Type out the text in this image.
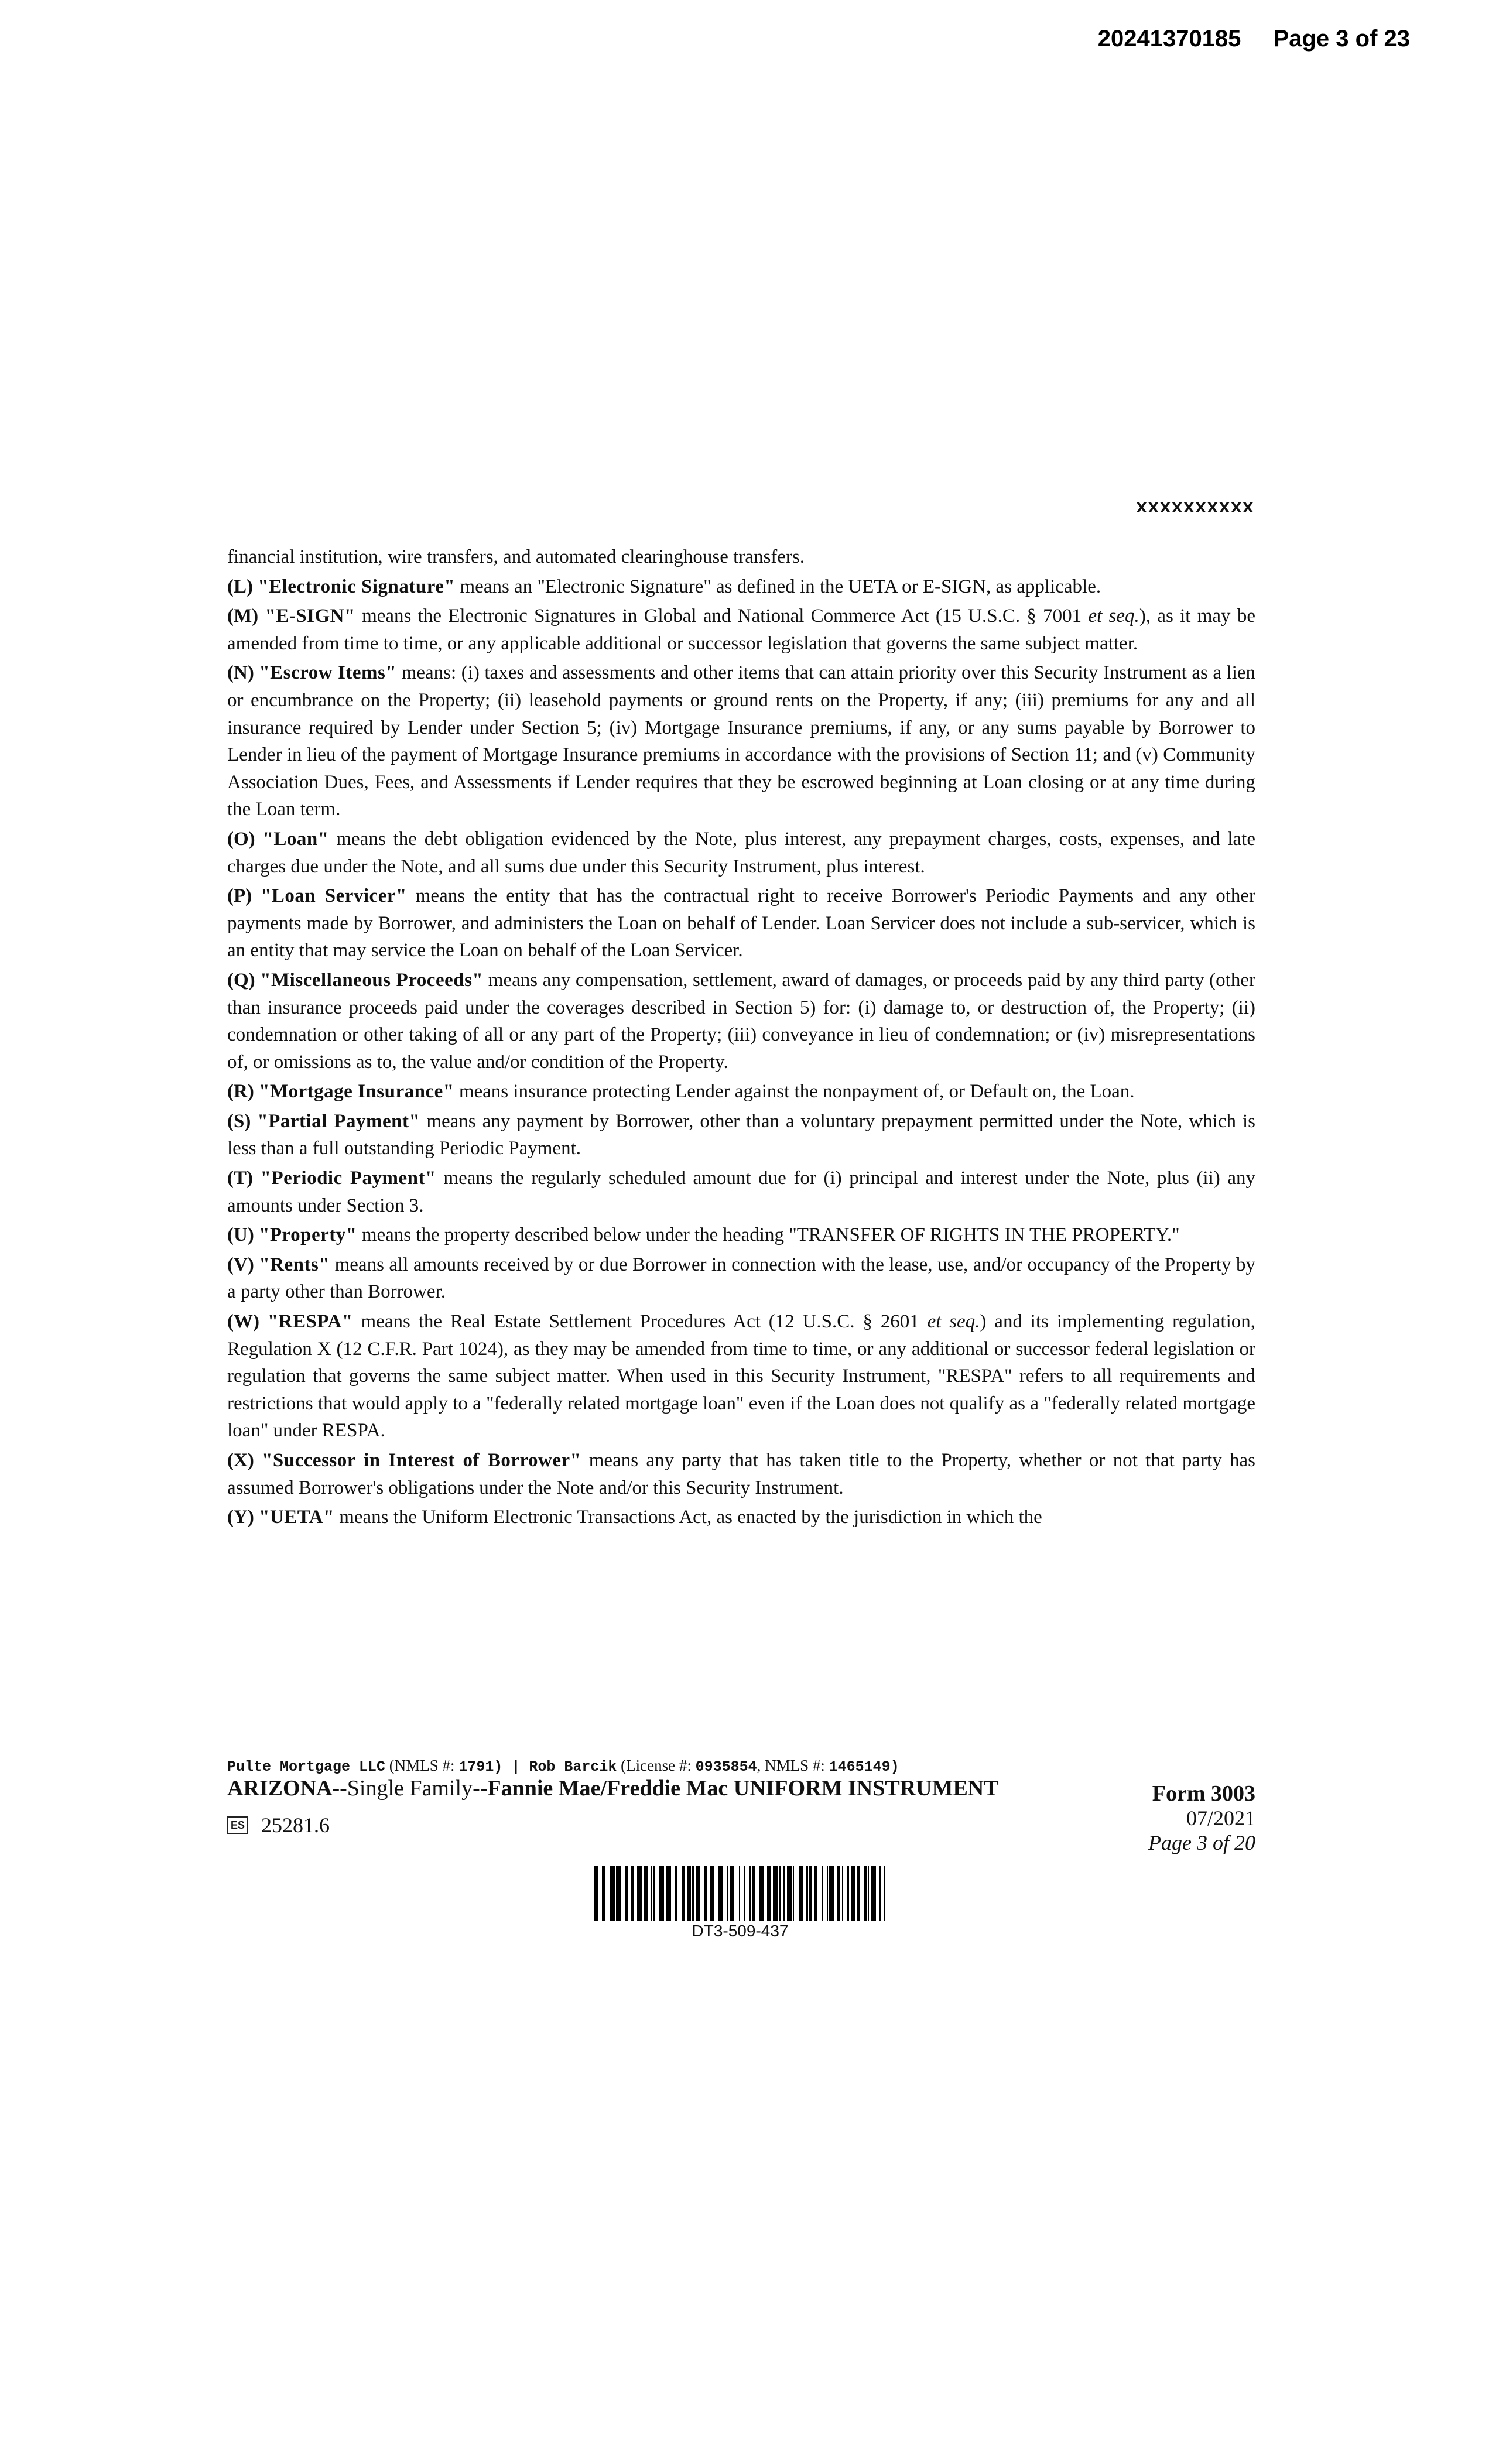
20241370185 Page 3 of 23
xxxxxxxxxx

financial institution, wire transfers, and automated clearinghouse transfers.

(L) "Electronic Signature" means an "Electronic Signature" as defined in the UETA or E-SIGN, as applicable.

(M) "E-SIGN" means the Electronic Signatures in Global and National Commerce Act (15 U.S.C. § 7001 et seq.), as it may be amended from time to time, or any applicable additional or successor legislation that governs the same subject matter.

(N) "Escrow Items" means: (i) taxes and assessments and other items that can attain priority over this Security Instrument as a lien or encumbrance on the Property; (ii) leasehold payments or ground rents on the Property, if any; (iii) premiums for any and all insurance required by Lender under Section 5; (iv) Mortgage Insurance premiums, if any, or any sums payable by Borrower to Lender in lieu of the payment of Mortgage Insurance premiums in accordance with the provisions of Section 11; and (v) Community Association Dues, Fees, and Assessments if Lender requires that they be escrowed beginning at Loan closing or at any time during the Loan term.

(O) "Loan" means the debt obligation evidenced by the Note, plus interest, any prepayment charges, costs, expenses, and late charges due under the Note, and all sums due under this Security Instrument, plus interest.

(P) "Loan Servicer" means the entity that has the contractual right to receive Borrower's Periodic Payments and any other payments made by Borrower, and administers the Loan on behalf of Lender. Loan Servicer does not include a sub-servicer, which is an entity that may service the Loan on behalf of the Loan Servicer.

(Q) "Miscellaneous Proceeds" means any compensation, settlement, award of damages, or proceeds paid by any third party (other than insurance proceeds paid under the coverages described in Section 5) for: (i) damage to, or destruction of, the Property; (ii) condemnation or other taking of all or any part of the Property; (iii) conveyance in lieu of condemnation; or (iv) misrepresentations of, or omissions as to, the value and/or condition of the Property.

(R) "Mortgage Insurance" means insurance protecting Lender against the nonpayment of, or Default on, the Loan.

(S) "Partial Payment" means any payment by Borrower, other than a voluntary prepayment permitted under the Note, which is less than a full outstanding Periodic Payment.

(T) "Periodic Payment" means the regularly scheduled amount due for (i) principal and interest under the Note, plus (ii) any amounts under Section 3.

(U) "Property" means the property described below under the heading "TRANSFER OF RIGHTS IN THE PROPERTY."

(V) "Rents" means all amounts received by or due Borrower in connection with the lease, use, and/or occupancy of the Property by a party other than Borrower.

(W) "RESPA" means the Real Estate Settlement Procedures Act (12 U.S.C. § 2601 et seq.) and its implementing regulation, Regulation X (12 C.F.R. Part 1024), as they may be amended from time to time, or any additional or successor federal legislation or regulation that governs the same subject matter. When used in this Security Instrument, "RESPA" refers to all requirements and restrictions that would apply to a "federally related mortgage loan" even if the Loan does not qualify as a "federally related mortgage loan" under RESPA.

(X) "Successor in Interest of Borrower" means any party that has taken title to the Property, whether or not that party has assumed Borrower's obligations under the Note and/or this Security Instrument.

(Y) "UETA" means the Uniform Electronic Transactions Act, as enacted by the jurisdiction in which the

Pulte Mortgage LLC (NMLS #: 1791) | Rob Barcik (License #: 0935854, NMLS #: 1465149)
ARIZONA--Single Family--Fannie Mae/Freddie Mac UNIFORM INSTRUMENT
ES 25281.6
Form 3003
07/2021
Page 3 of 20
DT3-509-437
